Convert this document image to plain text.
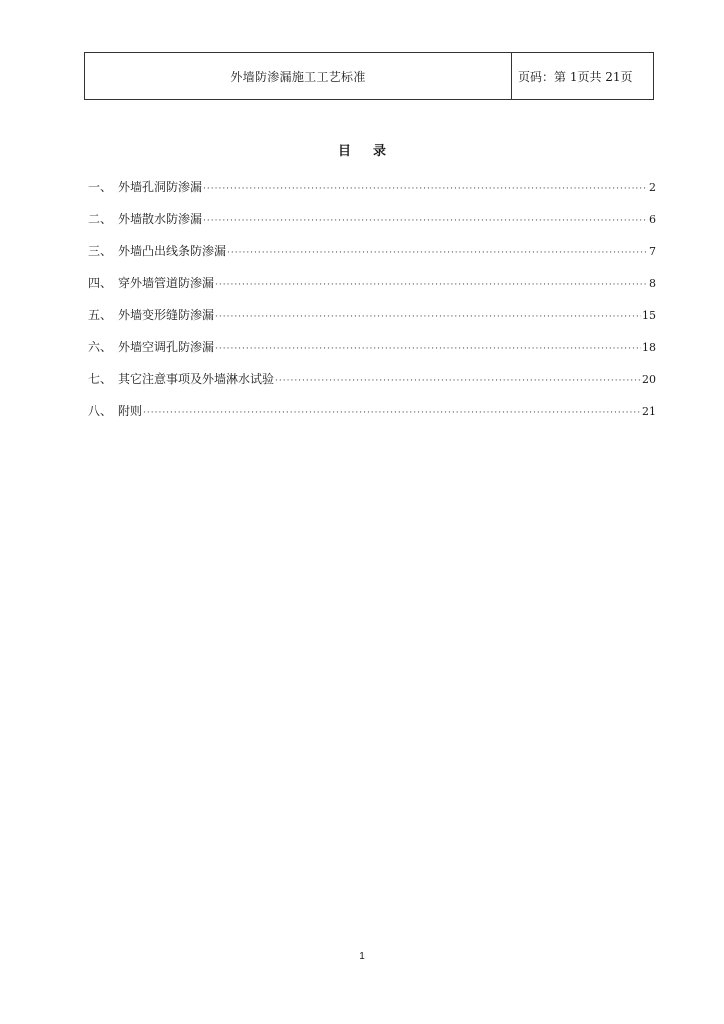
外墙防渗漏施工工艺标准	页码：第 1页共 21页
目录
一、 外墙孔洞防渗漏 ·····	2
二、 外墙散水防渗漏 ·····	6
三、 外墙凸出线条防渗漏 ·····	7
四、 穿外墙管道防渗漏 ·····	8
五、 外墙变形缝防渗漏 ·····	15
六、 外墙空调孔防渗漏 ·····	18
七、 其它注意事项及外墙淋水试验 ·····	20
八、 附则 ·····	21
1
